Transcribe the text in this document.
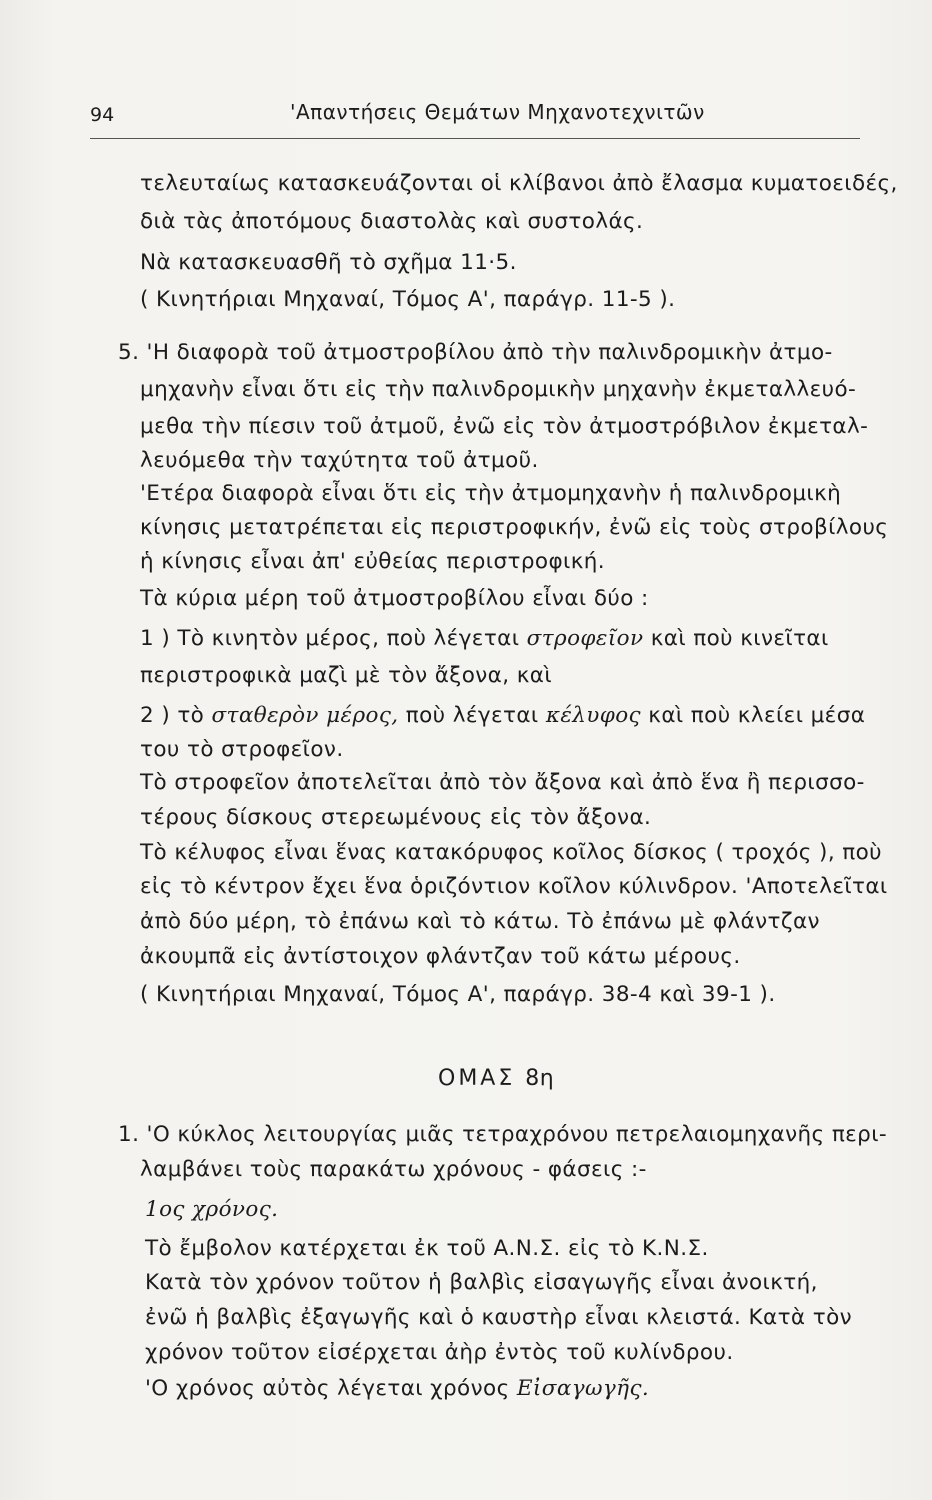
94	'Απαντήσεις Θεμάτων Μηχανοτεχνιτῶν
τελευταίως κατασκευάζονται οἱ κλίβανοι ἀπὸ ἔλασμα κυματοειδές,
διὰ τὰς ἀποτόμους διαστολὰς καὶ συστολάς.
Νὰ κατασκευασθῆ τὸ σχῆμα 11·5.
( Κινητήριαι Μηχαναί, Τόμος Α', παράγρ. 11-5 ).
5. 'Η διαφορὰ τοῦ ἀτμοστροβίλου ἀπὸ τὴν παλινδρομικὴν ἀτμο-
μηχανὴν εἶναι ὅτι εἰς τὴν παλινδρομικὴν μηχανὴν ἐκμεταλλευό-
μεθα τὴν πίεσιν τοῦ ἀτμοῦ, ἐνῶ εἰς τὸν ἀτμοστρόβιλον ἐκμεταλ-
λευόμεθα τὴν ταχύτητα τοῦ ἀτμοῦ.
'Ετέρα διαφορὰ εἶναι ὅτι εἰς τὴν ἀτμομηχανὴν ἡ παλινδρομικὴ
κίνησις μετατρέπεται εἰς περιστροφικήν, ἐνῶ εἰς τοὺς στροβίλους
ἡ κίνησις εἶναι ἀπ' εὐθείας περιστροφική.
Τὰ κύρια μέρη τοῦ ἀτμοστροβίλου εἶναι δύο :
1 ) Τὸ κινητὸν μέρος, ποὺ λέγεται στροφεῖον καὶ ποὺ κινεῖται
περιστροφικὰ μαζὶ μὲ τὸν ἄξονα, καὶ
2 ) τὸ σταθερὸν μέρος, ποὺ λέγεται κέλυφος καὶ ποὺ κλείει μέσα
του τὸ στροφεῖον.
Τὸ στροφεῖον ἀποτελεῖται ἀπὸ τὸν ἄξονα καὶ ἀπὸ ἕνα ἢ περισσο-
τέρους δίσκους στερεωμένους εἰς τὸν ἄξονα.
Τὸ κέλυφος εἶναι ἕνας κατακόρυφος κοῖλος δίσκος ( τροχός ), ποὺ
εἰς τὸ κέντρον ἔχει ἕνα ὁριζόντιον κοῖλον κύλινδρον. 'Αποτελεῖται
ἀπὸ δύο μέρη, τὸ ἐπάνω καὶ τὸ κάτω. Τὸ ἐπάνω μὲ φλάντζαν
ἀκουμπᾶ εἰς ἀντίστοιχον φλάντζαν τοῦ κάτω μέρους.
( Κινητήριαι Μηχαναί, Τόμος Α', παράγρ. 38-4 καὶ 39-1 ).
ΟΜΑΣ 8η
1. 'Ο κύκλος λειτουργίας μιᾶς τετραχρόνου πετρελαιομηχανῆς περι-
λαμβάνει τοὺς παρακάτω χρόνους - φάσεις :-
1ος χρόνος.
Τὸ ἔμβολον κατέρχεται ἐκ τοῦ Α.Ν.Σ. εἰς τὸ Κ.Ν.Σ.
Κατὰ τὸν χρόνον τοῦτον ἡ βαλβὶς εἰσαγωγῆς εἶναι ἀνοικτή,
ἐνῶ ἡ βαλβὶς ἐξαγωγῆς καὶ ὁ καυστὴρ εἶναι κλειστά. Κατὰ τὸν
χρόνον τοῦτον εἰσέρχεται ἀὴρ ἐντὸς τοῦ κυλίνδρου.
'Ο χρόνος αὐτὸς λέγεται χρόνος Εἰσαγωγῆς.
